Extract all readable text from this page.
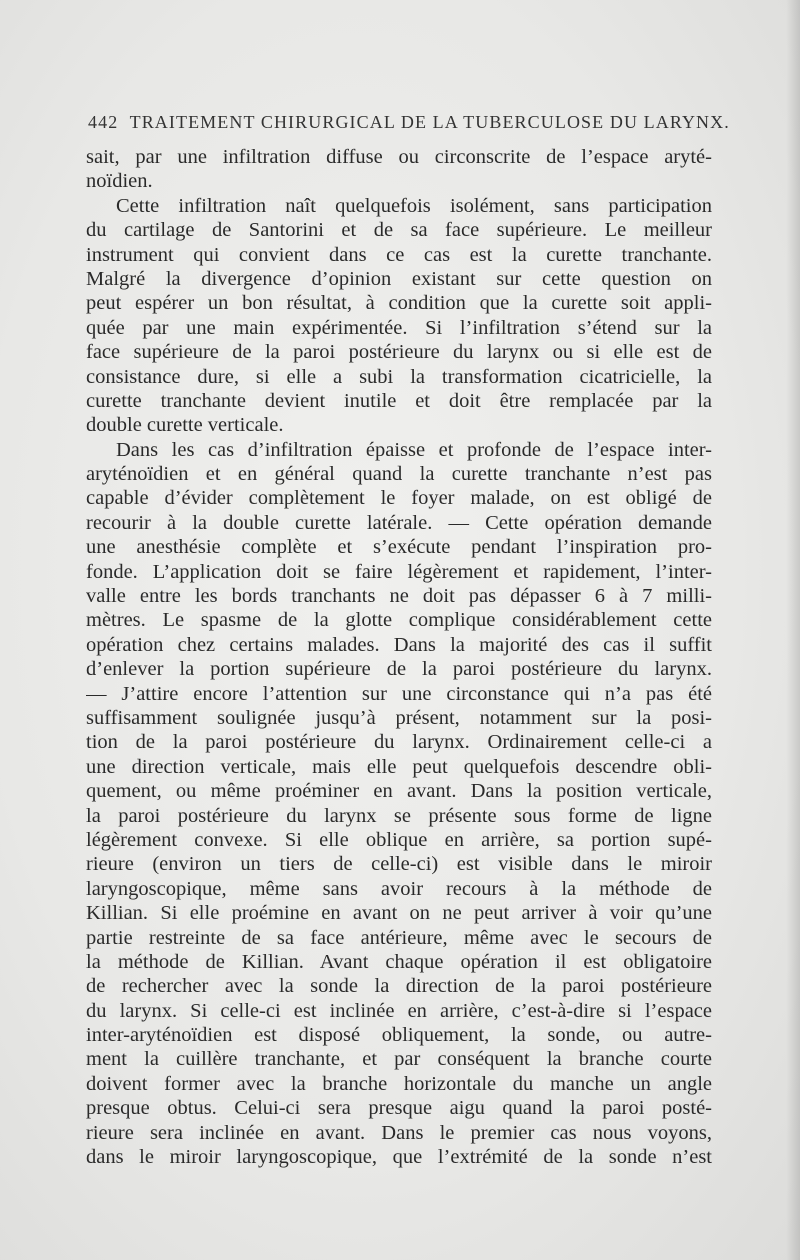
442 TRAITEMENT CHIRURGICAL DE LA TUBERCULOSE DU LARYNX.
sait, par une infiltration diffuse ou circonscrite de l’espace aryté-
noïdien.
Cette infiltration naît quelquefois isolément, sans participation
du cartilage de Santorini et de sa face supérieure. Le meilleur
instrument qui convient dans ce cas est la curette tranchante.
Malgré la divergence d’opinion existant sur cette question on
peut espérer un bon résultat, à condition que la curette soit appli-
quée par une main expérimentée. Si l’infiltration s’étend sur la
face supérieure de la paroi postérieure du larynx ou si elle est de
consistance dure, si elle a subi la transformation cicatricielle, la
curette tranchante devient inutile et doit être remplacée par la
double curette verticale.
Dans les cas d’infiltration épaisse et profonde de l’espace inter-
aryténoïdien et en général quand la curette tranchante n’est pas
capable d’évider complètement le foyer malade, on est obligé de
recourir à la double curette latérale. — Cette opération demande
une anesthésie complète et s’exécute pendant l’inspiration pro-
fonde. L’application doit se faire légèrement et rapidement, l’inter-
valle entre les bords tranchants ne doit pas dépasser 6 à 7 milli-
mètres. Le spasme de la glotte complique considérablement cette
opération chez certains malades. Dans la majorité des cas il suffit
d’enlever la portion supérieure de la paroi postérieure du larynx.
— J’attire encore l’attention sur une circonstance qui n’a pas été
suffisamment soulignée jusqu’à présent, notamment sur la posi-
tion de la paroi postérieure du larynx. Ordinairement celle-ci a
une direction verticale, mais elle peut quelquefois descendre obli-
quement, ou même proéminer en avant. Dans la position verticale,
la paroi postérieure du larynx se présente sous forme de ligne
légèrement convexe. Si elle oblique en arrière, sa portion supé-
rieure (environ un tiers de celle-ci) est visible dans le miroir
laryngoscopique, même sans avoir recours à la méthode de
Killian. Si elle proémine en avant on ne peut arriver à voir qu’une
partie restreinte de sa face antérieure, même avec le secours de
la méthode de Killian. Avant chaque opération il est obligatoire
de rechercher avec la sonde la direction de la paroi postérieure
du larynx. Si celle-ci est inclinée en arrière, c’est-à-dire si l’espace
inter-aryténoïdien est disposé obliquement, la sonde, ou autre-
ment la cuillère tranchante, et par conséquent la branche courte
doivent former avec la branche horizontale du manche un angle
presque obtus. Celui-ci sera presque aigu quand la paroi posté-
rieure sera inclinée en avant. Dans le premier cas nous voyons,
dans le miroir laryngoscopique, que l’extrémité de la sonde n’est
